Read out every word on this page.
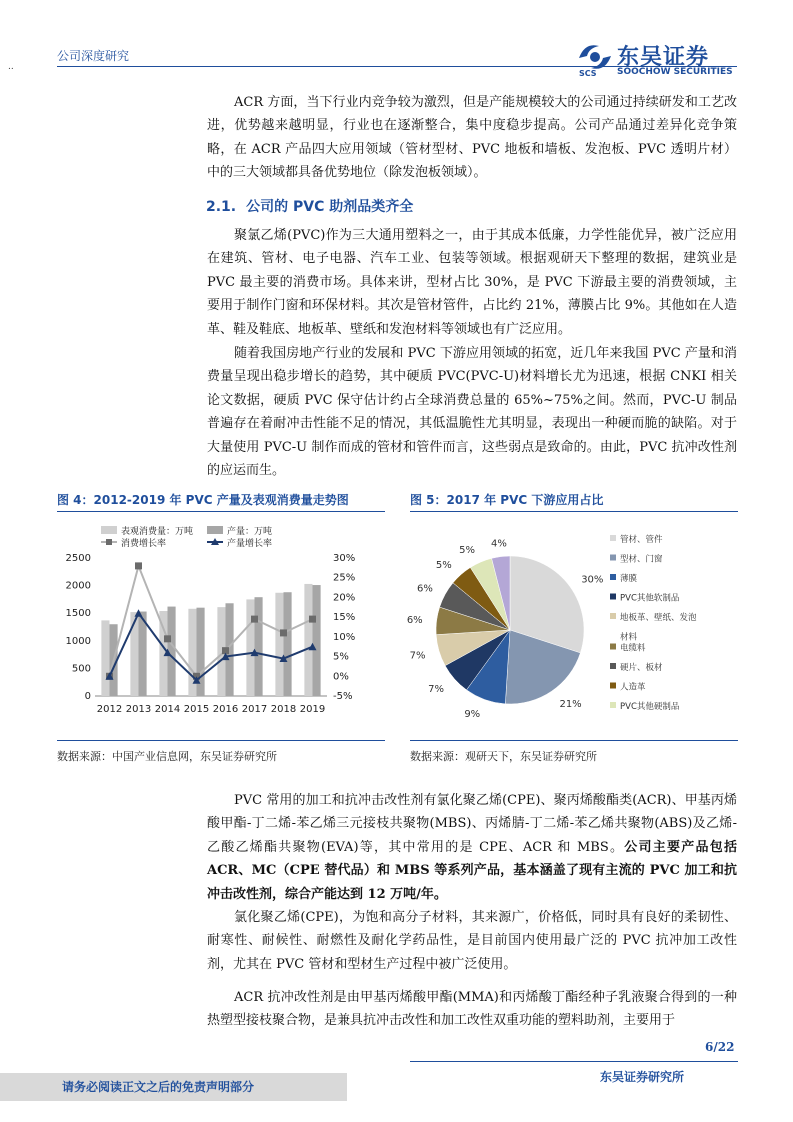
公司深度研究
..
SCS
东吴证券
SOOCHOW SECURITIES

ACR 方面，当下行业内竞争较为激烈，但是产能规模较大的公司通过持续研发和工艺改进，优势越来越明显，行业也在逐渐整合，集中度稳步提高。公司产品通过差异化竞争策略，在 ACR 产品四大应用领域（管材型材、PVC 地板和墙板、发泡板、PVC 透明片材）中的三大领域都具备优势地位（除发泡板领域）。

2.1. 公司的 PVC 助剂品类齐全

聚氯乙烯(PVC)作为三大通用塑料之一，由于其成本低廉，力学性能优异，被广泛应用在建筑、管材、电子电器、汽车工业、包装等领域。根据观研天下整理的数据，建筑业是 PVC 最主要的消费市场。具体来讲，型材占比 30%，是 PVC 下游最主要的消费领域，主要用于制作门窗和环保材料。其次是管材管件，占比约 21%，薄膜占比 9%。其他如在人造革、鞋及鞋底、地板革、壁纸和发泡材料等领域也有广泛应用。

随着我国房地产行业的发展和 PVC 下游应用领域的拓宽，近几年来我国 PVC 产量和消费量呈现出稳步增长的趋势，其中硬质 PVC(PVC-U)材料增长尤为迅速，根据 CNKI 相关论文数据，硬质 PVC 保守估计约占全球消费总量的 65%~75%之间。然而，PVC-U 制品普遍存在着耐冲击性能不足的情况，其低温脆性尤其明显，表现出一种硬而脆的缺陷。对于大量使用 PVC-U 制作而成的管材和管件而言，这些弱点是致命的。由此，PVC 抗冲改性剂的应运而生。

图 4：2012-2019 年 PVC 产量及表观消费量走势图
0
500
1000
1500
2000
2500
-5%
0%
5%
10%
15%
20%
25%
30%
2012 2013 2014 2015 2016 2017 2018 2019
表观消费量：万吨	产量：万吨
消费增长率	产量增长率
数据来源：中国产业信息网，东吴证券研究所
图 5：2017 年 PVC 下游应用占比
30%
21%
9%
7%
7%
6%
6%
5%
5%
4%	管材、管件
型材、门窗
薄膜
PVC其他软制品
地板革、壁纸、发泡
材料
电缆料
硬片、板材
人造革
PVC其他硬制品
数据来源：观研天下，东吴证券研究所

PVC 常用的加工和抗冲击改性剂有氯化聚乙烯(CPE)、聚丙烯酸酯类(ACR)、甲基丙烯酸甲酯-丁二烯-苯乙烯三元接枝共聚物(MBS)、丙烯腈-丁二烯-苯乙烯共聚物(ABS)及乙烯-乙酸乙烯酯共聚物(EVA)等，其中常用的是 CPE、ACR 和 MBS。公司主要产品包括 ACR、MC（CPE 替代品）和 MBS 等系列产品，基本涵盖了现有主流的 PVC 加工和抗冲击改性剂，综合产能达到 12 万吨/年。

氯化聚乙烯(CPE)，为饱和高分子材料，其来源广，价格低，同时具有良好的柔韧性、耐寒性、耐候性、耐燃性及耐化学药品性，是目前国内使用最广泛的 PVC 抗冲加工改性剂，尤其在 PVC 管材和型材生产过程中被广泛使用。

ACR 抗冲改性剂是由甲基丙烯酸甲酯(MMA)和丙烯酸丁酯经种子乳液聚合得到的一种热塑型接枝聚合物，是兼具抗冲击改性和加工改性双重功能的塑料助剂，主要用于

6/22
东吴证券研究所
请务必阅读正文之后的免责声明部分
